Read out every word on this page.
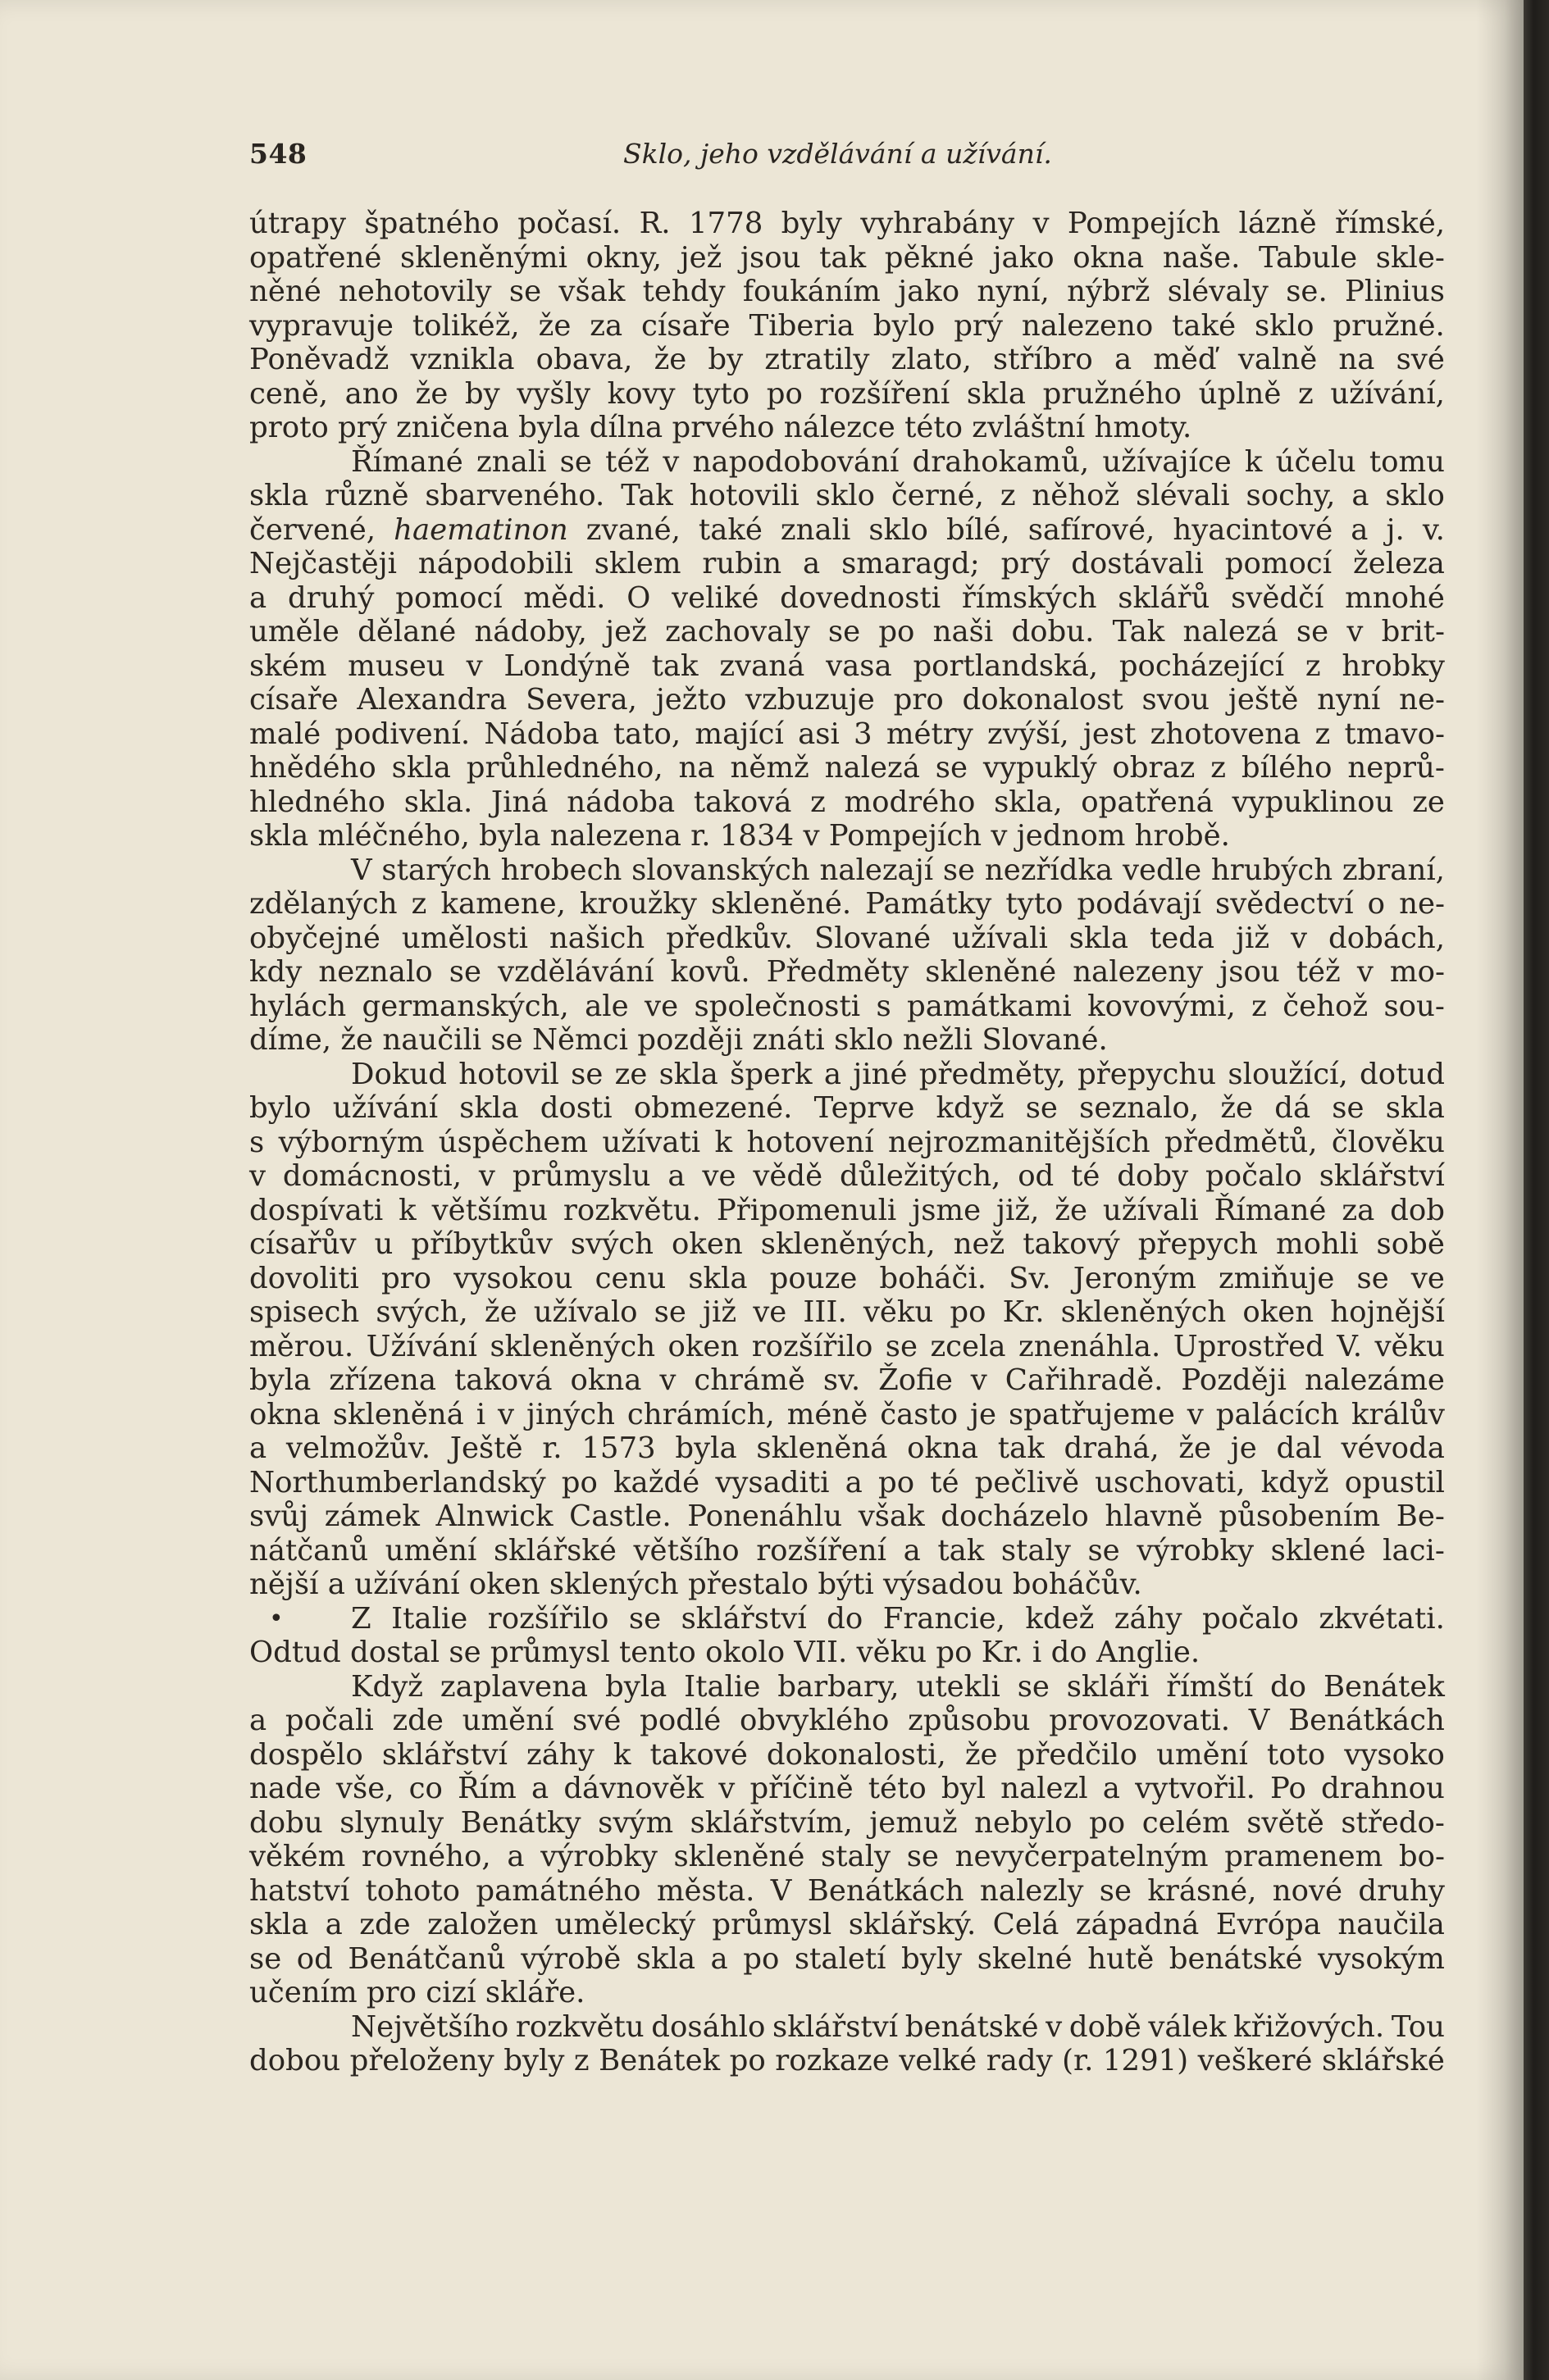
548	Sklo, jeho vzdělávání a užívání.
útrapy špatného počasí. R. 1778 byly vyhrabány v Pompejích lázně římské,
opatřené skleněnými okny, jež jsou tak pěkné jako okna naše. Tabule skle-
něné nehotovily se však tehdy foukáním jako nyní, nýbrž slévaly se. Plinius
vypravuje tolikéž, že za císaře Tiberia bylo prý nalezeno také sklo pružné.
Poněvadž vznikla obava, že by ztratily zlato, stříbro a měď valně na své
ceně, ano že by vyšly kovy tyto po rozšíření skla pružného úplně z užívání,
proto prý zničena byla dílna prvého nálezce této zvláštní hmoty.
Římané znali se též v napodobování drahokamů, užívajíce k účelu tomu
skla různě sbarveného. Tak hotovili sklo černé, z něhož slévali sochy, a sklo
červené, haematinon zvané, také znali sklo bílé, safírové, hyacintové a j. v.
Nejčastěji nápodobili sklem rubin a smaragd; prý dostávali pomocí železa
a druhý pomocí mědi. O veliké dovednosti římských sklářů svědčí mnohé
uměle dělané nádoby, jež zachovaly se po naši dobu. Tak nalezá se v brit-
ském museu v Londýně tak zvaná vasa portlandská, pocházející z hrobky
císaře Alexandra Severa, ježto vzbuzuje pro dokonalost svou ještě nyní ne-
malé podivení. Nádoba tato, mající asi 3 métry zvýší, jest zhotovena z tmavo-
hnědého skla průhledného, na němž nalezá se vypuklý obraz z bílého neprů-
hledného skla. Jiná nádoba taková z modrého skla, opatřená vypuklinou ze
skla mléčného, byla nalezena r. 1834 v Pompejích v jednom hrobě.
V starých hrobech slovanských nalezají se nezřídka vedle hrubých zbraní,
zdělaných z kamene, kroužky skleněné. Památky tyto podávají svědectví o ne-
obyčejné umělosti našich předkův. Slované užívali skla teda již v dobách,
kdy neznalo se vzdělávání kovů. Předměty skleněné nalezeny jsou též v mo-
hylách germanských, ale ve společnosti s památkami kovovými, z čehož sou-
díme, že naučili se Němci později znáti sklo nežli Slované.
Dokud hotovil se ze skla šperk a jiné předměty, přepychu sloužící, dotud
bylo užívání skla dosti obmezené. Teprve když se seznalo, že dá se skla
s výborným úspěchem užívati k hotovení nejrozmanitějších předmětů, člověku
v domácnosti, v průmyslu a ve vědě důležitých, od té doby počalo sklářství
dospívati k většímu rozkvětu. Připomenuli jsme již, že užívali Římané za dob
císařův u příbytkův svých oken skleněných, než takový přepych mohli sobě
dovoliti pro vysokou cenu skla pouze boháči. Sv. Jeroným zmiňuje se ve
spisech svých, že užívalo se již ve III. věku po Kr. skleněných oken hojnější
měrou. Užívání skleněných oken rozšířilo se zcela znenáhla. Uprostřed V. věku
byla zřízena taková okna v chrámě sv. Žofie v Cařihradě. Později nalezáme
okna skleněná i v jiných chrámích, méně často je spatřujeme v palácích králův
a velmožův. Ještě r. 1573 byla skleněná okna tak drahá, že je dal vévoda
Northumberlandský po každé vysaditi a po té pečlivě uschovati, když opustil
svůj zámek Alnwick Castle. Ponenáhlu však docházelo hlavně působením Be-
nátčanů umění sklářské většího rozšíření a tak staly se výrobky sklené laci-
nější a užívání oken sklených přestalo býti výsadou boháčův.
• Z Italie rozšířilo se sklářství do Francie, kdež záhy počalo zkvétati.
Odtud dostal se průmysl tento okolo VII. věku po Kr. i do Anglie.
Když zaplavena byla Italie barbary, utekli se skláři římští do Benátek
a počali zde umění své podlé obvyklého způsobu provozovati. V Benátkách
dospělo sklářství záhy k takové dokonalosti, že předčilo umění toto vysoko
nade vše, co Řím a dávnověk v příčině této byl nalezl a vytvořil. Po drahnou
dobu slynuly Benátky svým sklářstvím, jemuž nebylo po celém světě středo-
věkém rovného, a výrobky skleněné staly se nevyčerpatelným pramenem bo-
hatství tohoto památného města. V Benátkách nalezly se krásné, nové druhy
skla a zde založen umělecký průmysl sklářský. Celá západná Evrópa naučila
se od Benátčanů výrobě skla a po staletí byly skelné hutě benátské vysokým
učením pro cizí skláře.
Největšího rozkvětu dosáhlo sklářství benátské v době válek křižových. Tou
dobou přeloženy byly z Benátek po rozkaze velké rady (r. 1291) veškeré sklářské
